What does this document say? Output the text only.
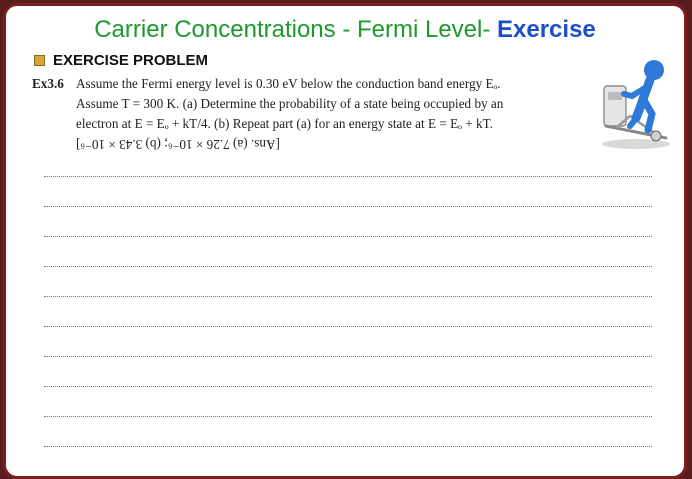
Carrier Concentrations - Fermi Level- Exercise
EXERCISE PROBLEM
Ex3.6 Assume the Fermi energy level is 0.30 eV below the conduction band energy Eₒ.
Assume T = 300 K. (a) Determine the probability of a state being occupied by an
electron at E = Eₒ + kT/4. (b) Repeat part (a) for an energy state at E = Eₒ + kT.
[Ans. (a) 7.26 × 10⁻⁶; (b) 3.43 × 10⁻⁶]
